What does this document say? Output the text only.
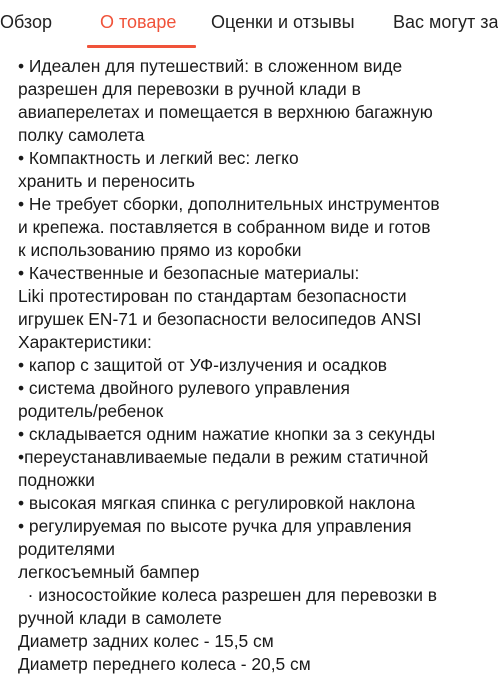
Обзор	О товаре Оценки и отзывы Вас могут за
• Идеален для путешествий: в сложенном виде
разрешен для перевозки в ручной клади в
авиаперелетах и помещается в верхнюю багажную
полку самолета
• Компактность и легкий вес: легко
хранить и переносить
• Не требует сборки, дополнительных инструментов
и крепежа. поставляется в собранном виде и готов
к использованию прямо из коробки
• Качественные и безопасные материалы:
Liki протестирован по стандартам безопасности
игрушек EN-71 и безопасности велосипедов ANSI
Характеристики:
• капор с защитой от УФ-излучения и осадков
• система двойного рулевого управления
родитель/ребенок
• складывается одним нажатие кнопки за з секунды
•переустанавливаемые педали в режим статичной
подножки
• высокая мягкая спинка с регулировкой наклона
• регулируемая по высоте ручка для управления
родителями
легкосъемный бампер
· износостойкие колеса разрешен для перевозки в
ручной клади в самолете
Диаметр задних колес - 15,5 см
Диаметр переднего колеса - 20,5 см
